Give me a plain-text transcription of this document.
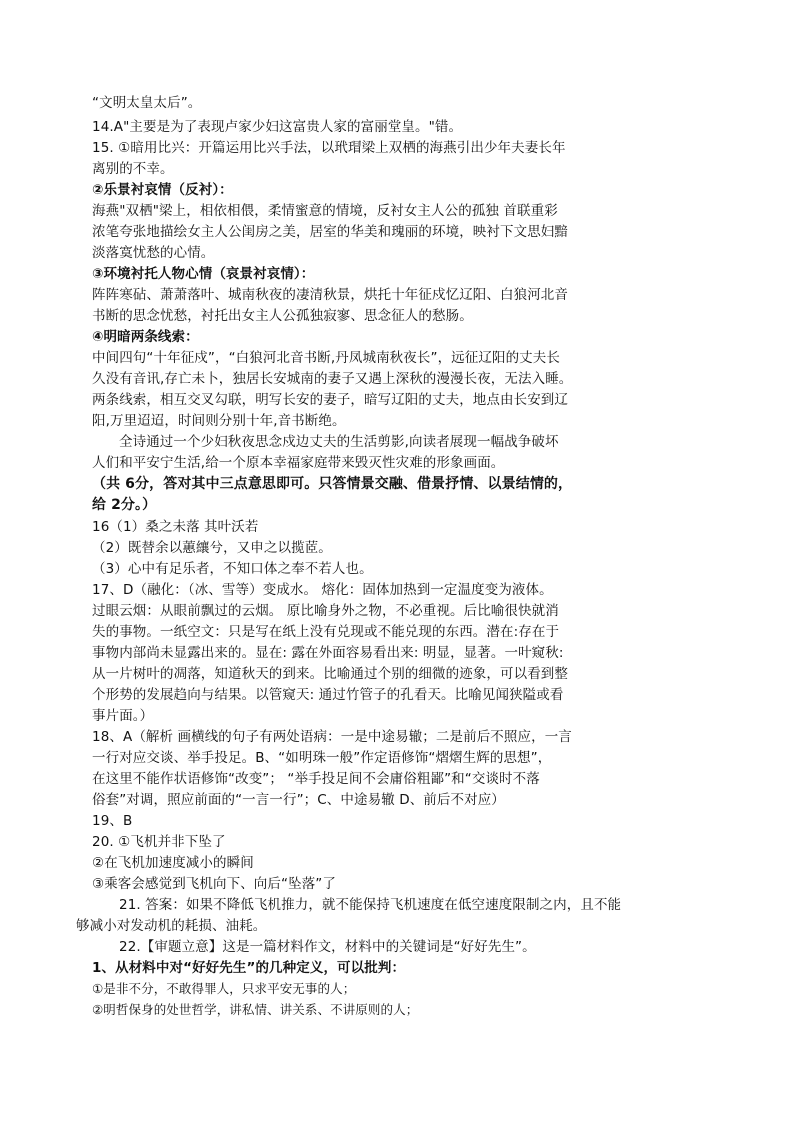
“文明太皇太后”。
14.A"主要是为了表现卢家少妇这富贵人家的富丽堂皇。"错。
15. ①暗用比兴：开篇运用比兴手法，以玳瑁梁上双栖的海燕引出少年夫妻长年
离别的不幸。
②乐景衬哀情（反衬）：
海燕"双栖"梁上，相依相偎，柔情蜜意的情境，反衬女主人公的孤独 首联重彩
浓笔夸张地描绘女主人公闺房之美，居室的华美和瑰丽的环境，映衬下文思妇黯
淡落寞忧愁的心情。
③环境衬托人物心情（哀景衬哀情）：
阵阵寒砧、萧萧落叶、城南秋夜的凄清秋景，烘托十年征戍忆辽阳、白狼河北音
书断的思念忧愁，衬托出女主人公孤独寂寥、思念征人的愁肠。
④明暗两条线索：
中间四句“十年征戍”，“白狼河北音书断,丹凤城南秋夜长”，远征辽阳的丈夫长
久没有音讯,存亡未卜，独居长安城南的妻子又遇上深秋的漫漫长夜，无法入睡。
两条线索，相互交叉勾联，明写长安的妻子，暗写辽阳的丈夫，地点由长安到辽
阳,万里迢迢，时间则分别十年,音书断绝。
全诗通过一个少妇秋夜思念戍边丈夫的生活剪影,向读者展现一幅战争破坏
人们和平安宁生活,给一个原本幸福家庭带来毁灭性灾难的形象画面。
（共 6分，答对其中三点意思即可。只答情景交融、借景抒情、以景结情的，
给 2分。）
16（1）桑之未落 其叶沃若
（2）既替余以蕙纕兮，又申之以揽茝。
（3）心中有足乐者，不知口体之奉不若人也。
17、D（融化：（冰、雪等）变成水。 熔化：固体加热到一定温度变为液体。
过眼云烟：从眼前飘过的云烟。 原比喻身外之物，不必重视。后比喻很快就消
失的事物。一纸空文：只是写在纸上没有兑现或不能兑现的东西。潜在:存在于
事物内部尚未显露出来的。显在: 露在外面容易看出来: 明显，显著。一叶窥秋:
从一片树叶的凋落，知道秋天的到来。比喻通过个别的细微的迹象，可以看到整
个形势的发展趋向与结果。以管窥天: 通过竹管子的孔看天。比喻见闻狭隘或看
事片面。）
18、A（解析 画横线的句子有两处语病：一是中途易辙；二是前后不照应，一言
一行对应交谈、举手投足。B、“如明珠一般”作定语修饰“熠熠生辉的思想”，
在这里不能作状语修饰“改变”； “举手投足间不会庸俗粗鄙”和“交谈时不落
俗套”对调，照应前面的“一言一行”；C、中途易辙 D、前后不对应）
19、B
20. ①飞机并非下坠了
②在飞机加速度减小的瞬间
③乘客会感觉到飞机向下、向后“坠落”了
21. 答案：如果不降低飞机推力，就不能保持飞机速度在低空速度限制之内，且不能
够减小对发动机的耗损、油耗。
22.【审题立意】这是一篇材料作文，材料中的关键词是“好好先生”。
1、从材料中对“好好先生”的几种定义，可以批判：
①是非不分，不敢得罪人，只求平安无事的人；
②明哲保身的处世哲学，讲私情、讲关系、不讲原则的人；
